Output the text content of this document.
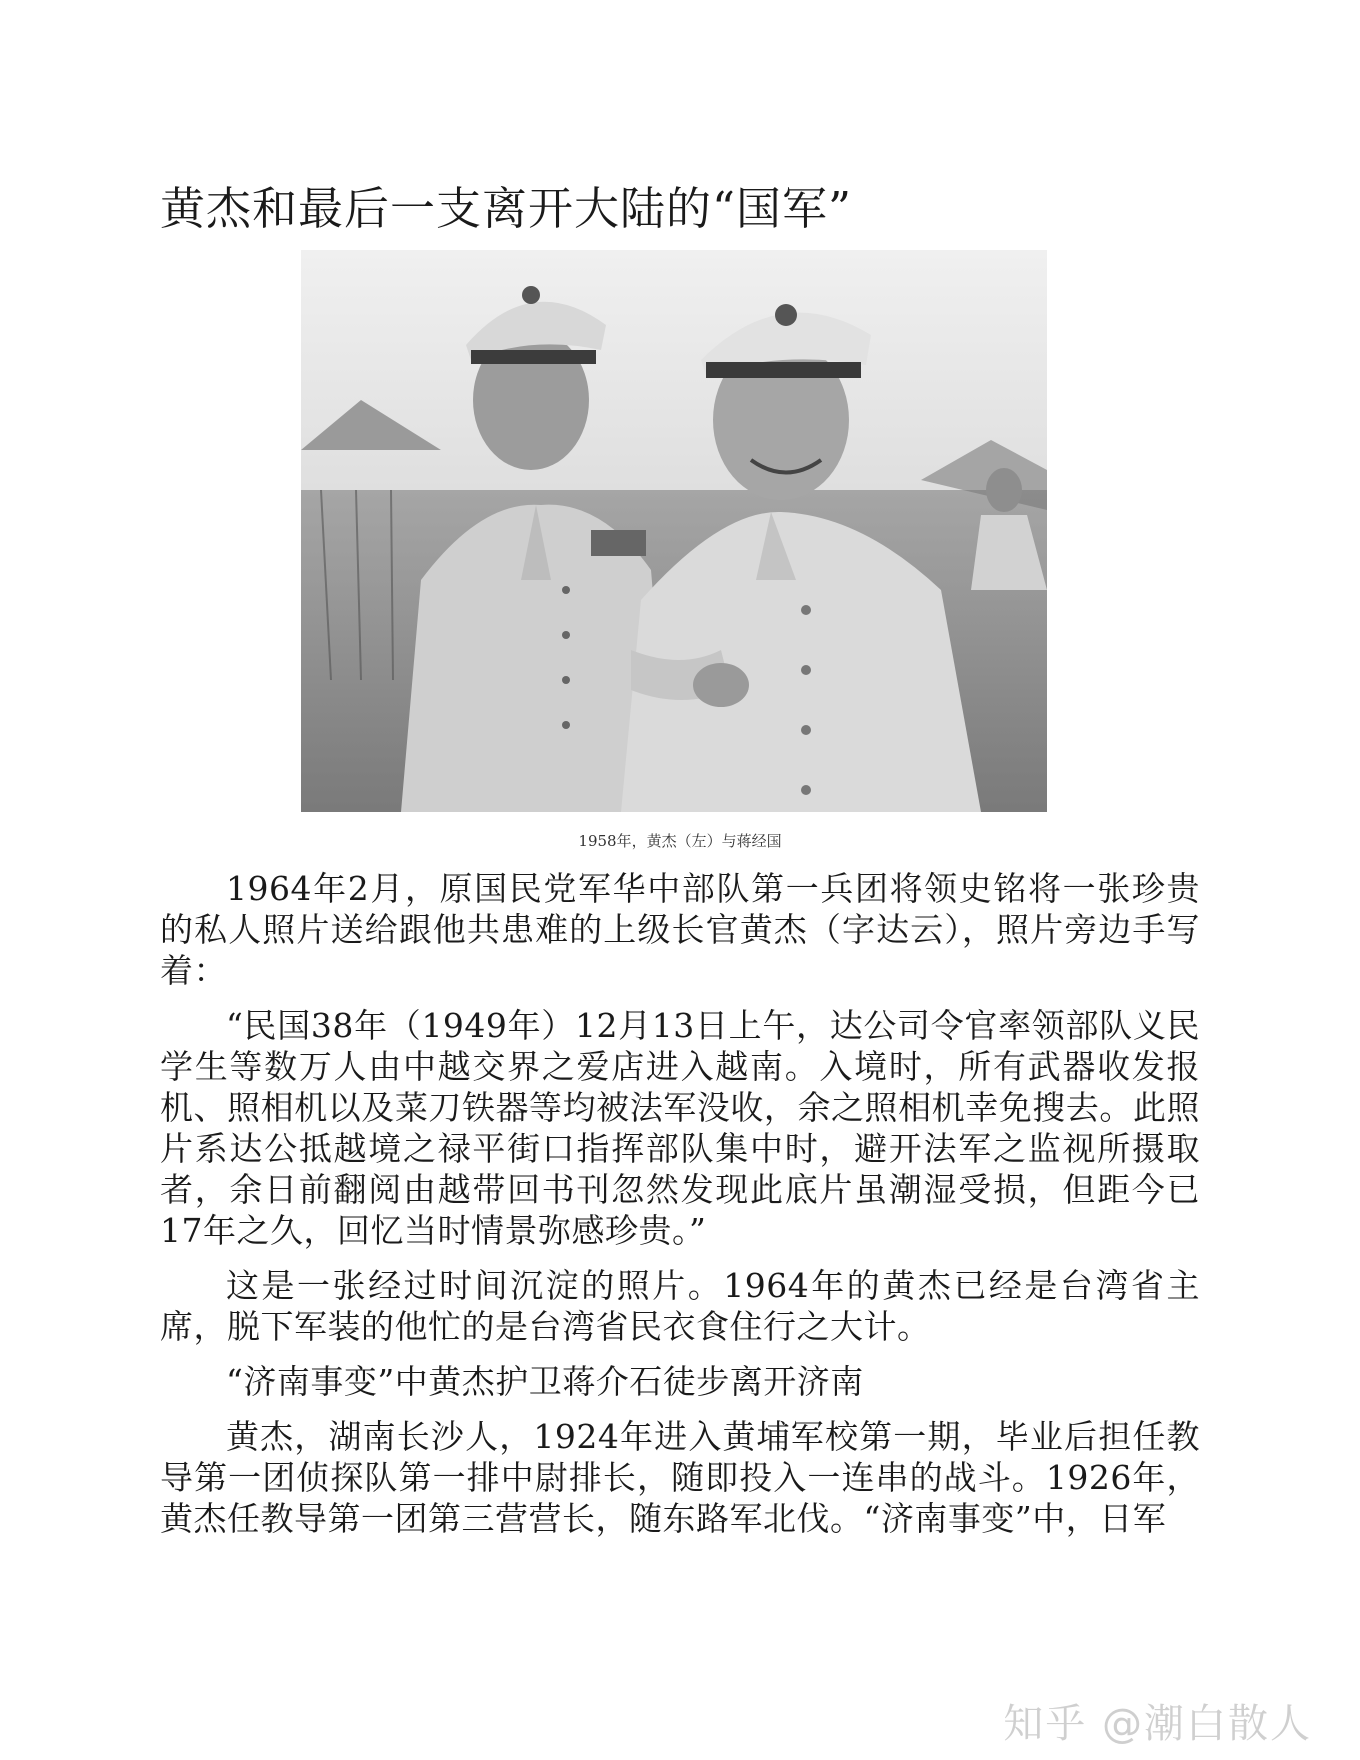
黄杰和最后一支离开大陆的“国军”
1958年，黄杰（左）与蒋经国

1964年2月，原国民党军华中部队第一兵团将领史铭将一张珍贵的私人照片送给跟他共患难的上级长官黄杰（字达云），照片旁边手写着：

“民国38年（1949年）12月13日上午，达公司令官率领部队义民学生等数万人由中越交界之爱店进入越南。入境时，所有武器收发报机、照相机以及菜刀铁器等均被法军没收，余之照相机幸免搜去。此照片系达公抵越境之禄平街口指挥部队集中时，避开法军之监视所摄取者，余日前翻阅由越带回书刊忽然发现此底片虽潮湿受损，但距今已17年之久，回忆当时情景弥感珍贵。”

这是一张经过时间沉淀的照片。1964年的黄杰已经是台湾省主席，脱下军装的他忙的是台湾省民衣食住行之大计。

“济南事变”中黄杰护卫蒋介石徒步离开济南

黄杰，湖南长沙人，1924年进入黄埔军校第一期，毕业后担任教导第一团侦探队第一排中尉排长，随即投入一连串的战斗。1926年，黄杰任教导第一团第三营营长，随东路军北伐。“济南事变”中，日军

知乎 @潮白散人
